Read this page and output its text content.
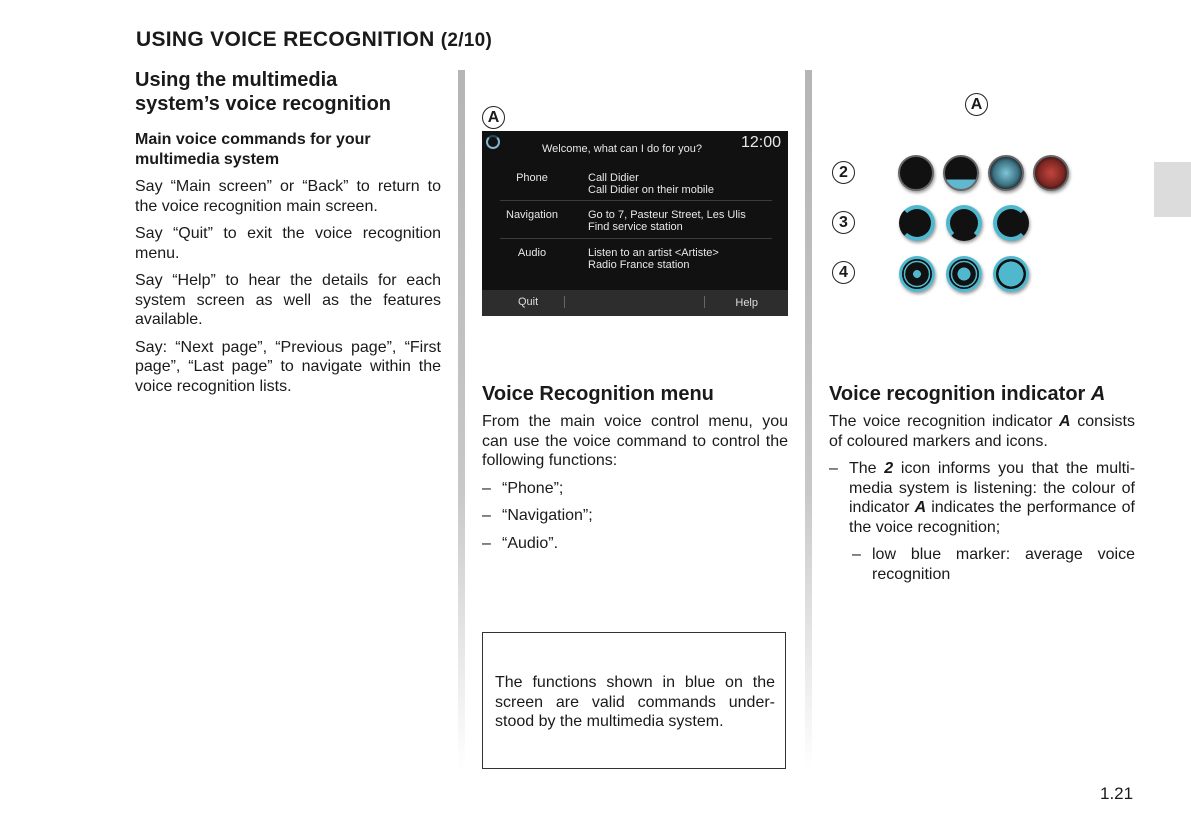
USING VOICE RECOGNITION (2/10)
Using the multimedia system’s voice recognition
Main voice commands for your multimedia system

Say “Main screen” or “Back” to return to the voice recognition main screen.

Say “Quit” to exit the voice recognition menu.

Say “Help” to hear the details for each system screen as well as the features available.

Say: “Next page”, “Previous page”, “First page”, “Last page” to navigate within the voice recognition lists.

A
Welcome, what can I do for you? 12:00
Phone	Call Didier
Call Didier on their mobile
Navigation	Go to 7, Pasteur Street, Les Ulis
Find service station
Audio	Listen to an artist <Artiste>
Radio France station
Quit	Help
Voice Recognition menu

From the main voice control menu, you can use the voice command to control the following functions:

– “Phone”;
– “Navigation”;
– “Audio”.
The functions shown in blue on the screen are valid commands understood by the multimedia system.
A
2
3
4
Voice recognition indicator A

The voice recognition indicator A consists of coloured markers and icons.

– The 2 icon informs you that the multimedia system is listening: the colour of indicator A indicates the performance of the voice recognition;
– low blue marker: average voice recognition
1.21
